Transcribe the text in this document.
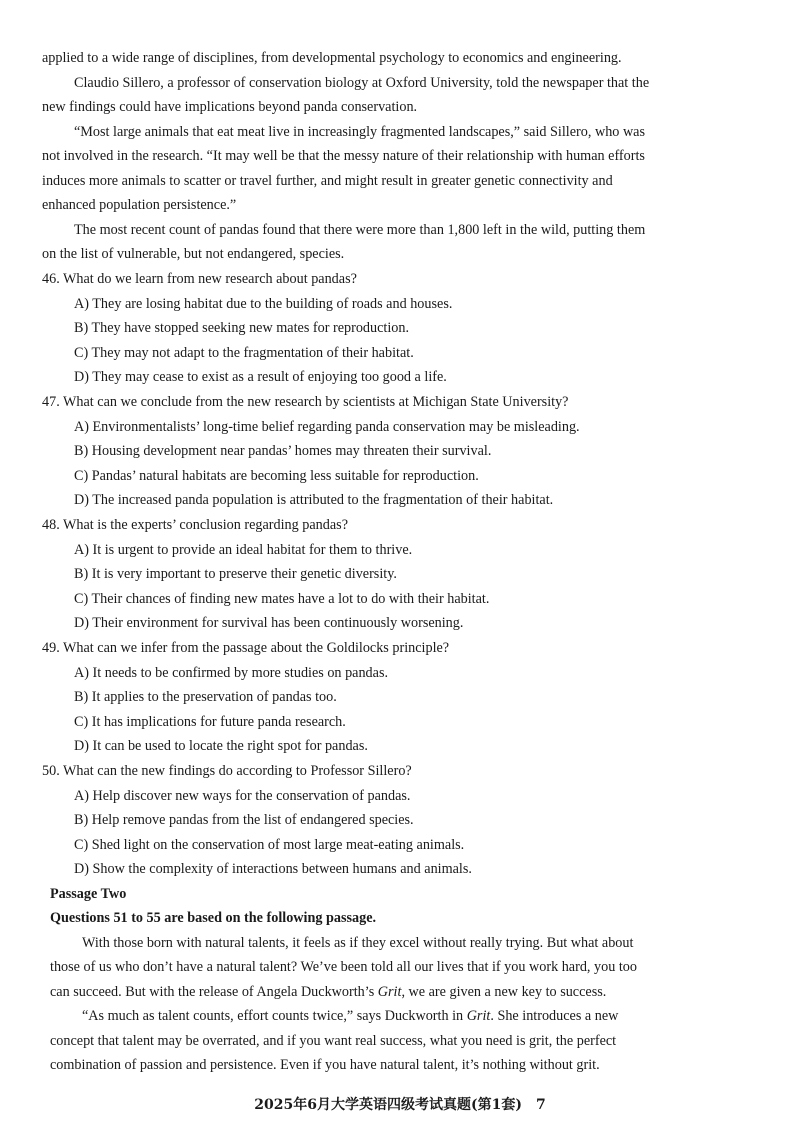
applied to a wide range of disciplines, from developmental psychology to economics and engineering.
Claudio Sillero, a professor of conservation biology at Oxford University, told the newspaper that the
new findings could have implications beyond panda conservation.
“Most large animals that eat meat live in increasingly fragmented landscapes,” said Sillero, who was
not involved in the research. “It may well be that the messy nature of their relationship with human efforts
induces more animals to scatter or travel further, and might result in greater genetic connectivity and
enhanced population persistence.”
The most recent count of pandas found that there were more than 1,800 left in the wild, putting them
on the list of vulnerable, but not endangered, species.
46. What do we learn from new research about pandas?
A) They are losing habitat due to the building of roads and houses.
B) They have stopped seeking new mates for reproduction.
C) They may not adapt to the fragmentation of their habitat.
D) They may cease to exist as a result of enjoying too good a life.
47. What can we conclude from the new research by scientists at Michigan State University?
A) Environmentalists’ long-time belief regarding panda conservation may be misleading.
B) Housing development near pandas’ homes may threaten their survival.
C) Pandas’ natural habitats are becoming less suitable for reproduction.
D) The increased panda population is attributed to the fragmentation of their habitat.
48. What is the experts’ conclusion regarding pandas?
A) It is urgent to provide an ideal habitat for them to thrive.
B) It is very important to preserve their genetic diversity.
C) Their chances of finding new mates have a lot to do with their habitat.
D) Their environment for survival has been continuously worsening.
49. What can we infer from the passage about the Goldilocks principle?
A) It needs to be confirmed by more studies on pandas.
B) It applies to the preservation of pandas too.
C) It has implications for future panda research.
D) It can be used to locate the right spot for pandas.
50. What can the new findings do according to Professor Sillero?
A) Help discover new ways for the conservation of pandas.
B) Help remove pandas from the list of endangered species.
C) Shed light on the conservation of most large meat-eating animals.
D) Show the complexity of interactions between humans and animals.
Passage Two
Questions 51 to 55 are based on the following passage.
With those born with natural talents, it feels as if they excel without really trying. But what about
those of us who don’t have a natural talent? We’ve been told all our lives that if you work hard, you too
can succeed. But with the release of Angela Duckworth’s Grit, we are given a new key to success.
“As much as talent counts, effort counts twice,” says Duckworth in Grit. She introduces a new
concept that talent may be overrated, and if you want real success, what you need is grit, the perfect
combination of passion and persistence. Even if you have natural talent, it’s nothing without grit.
2025年6月大学英语四级考试真题(第1套)　7
